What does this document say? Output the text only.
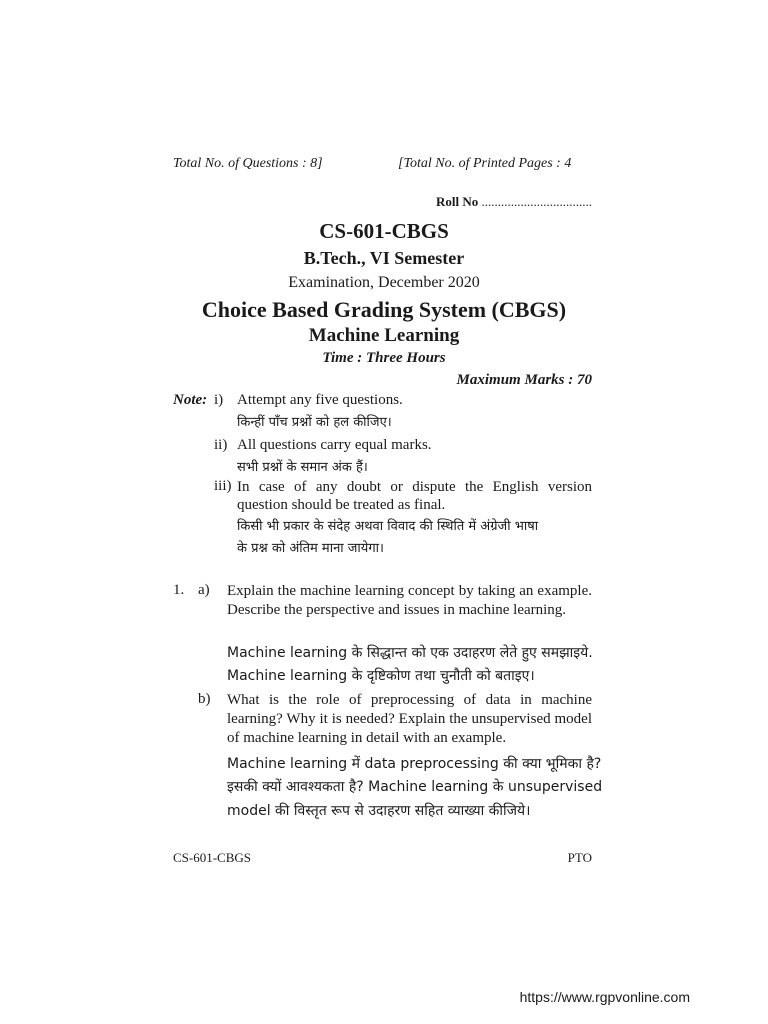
Total No. of Questions : 8]	[Total No. of Printed Pages : 4
Roll No ..................................
CS-601-CBGS
B.Tech., VI Semester
Examination, December 2020
Choice Based Grading System (CBGS)
Machine Learning
Time : Three Hours
Maximum Marks : 70
Note: i) Attempt any five questions.
किन्हीं पाँच प्रश्नों को हल कीजिए।
ii) All questions carry equal marks.
सभी प्रश्नों के समान अंक हैं।
iii) In case of any doubt or dispute the English version question should be treated as final.
किसी भी प्रकार के संदेह अथवा विवाद की स्थिति में अंग्रेजी भाषा
के प्रश्न को अंतिम माना जायेगा।
1. a) Explain the machine learning concept by taking an example. Describe the perspective and issues in machine learning.
Machine learning के सिद्धान्त को एक उदाहरण लेते हुए समझाइये.
Machine learning के दृष्टिकोण तथा चुनौती को बताइए।
b) What is the role of preprocessing of data in machine learning? Why it is needed? Explain the unsupervised model of machine learning in detail with an example.
Machine learning में data preprocessing की क्या भूमिका है?
इसकी क्यों आवश्यकता है? Machine learning के unsupervised
model की विस्तृत रूप से उदाहरण सहित व्याख्या कीजिये।
CS-601-CBGS	PTO
https://www.rgpvonline.com
